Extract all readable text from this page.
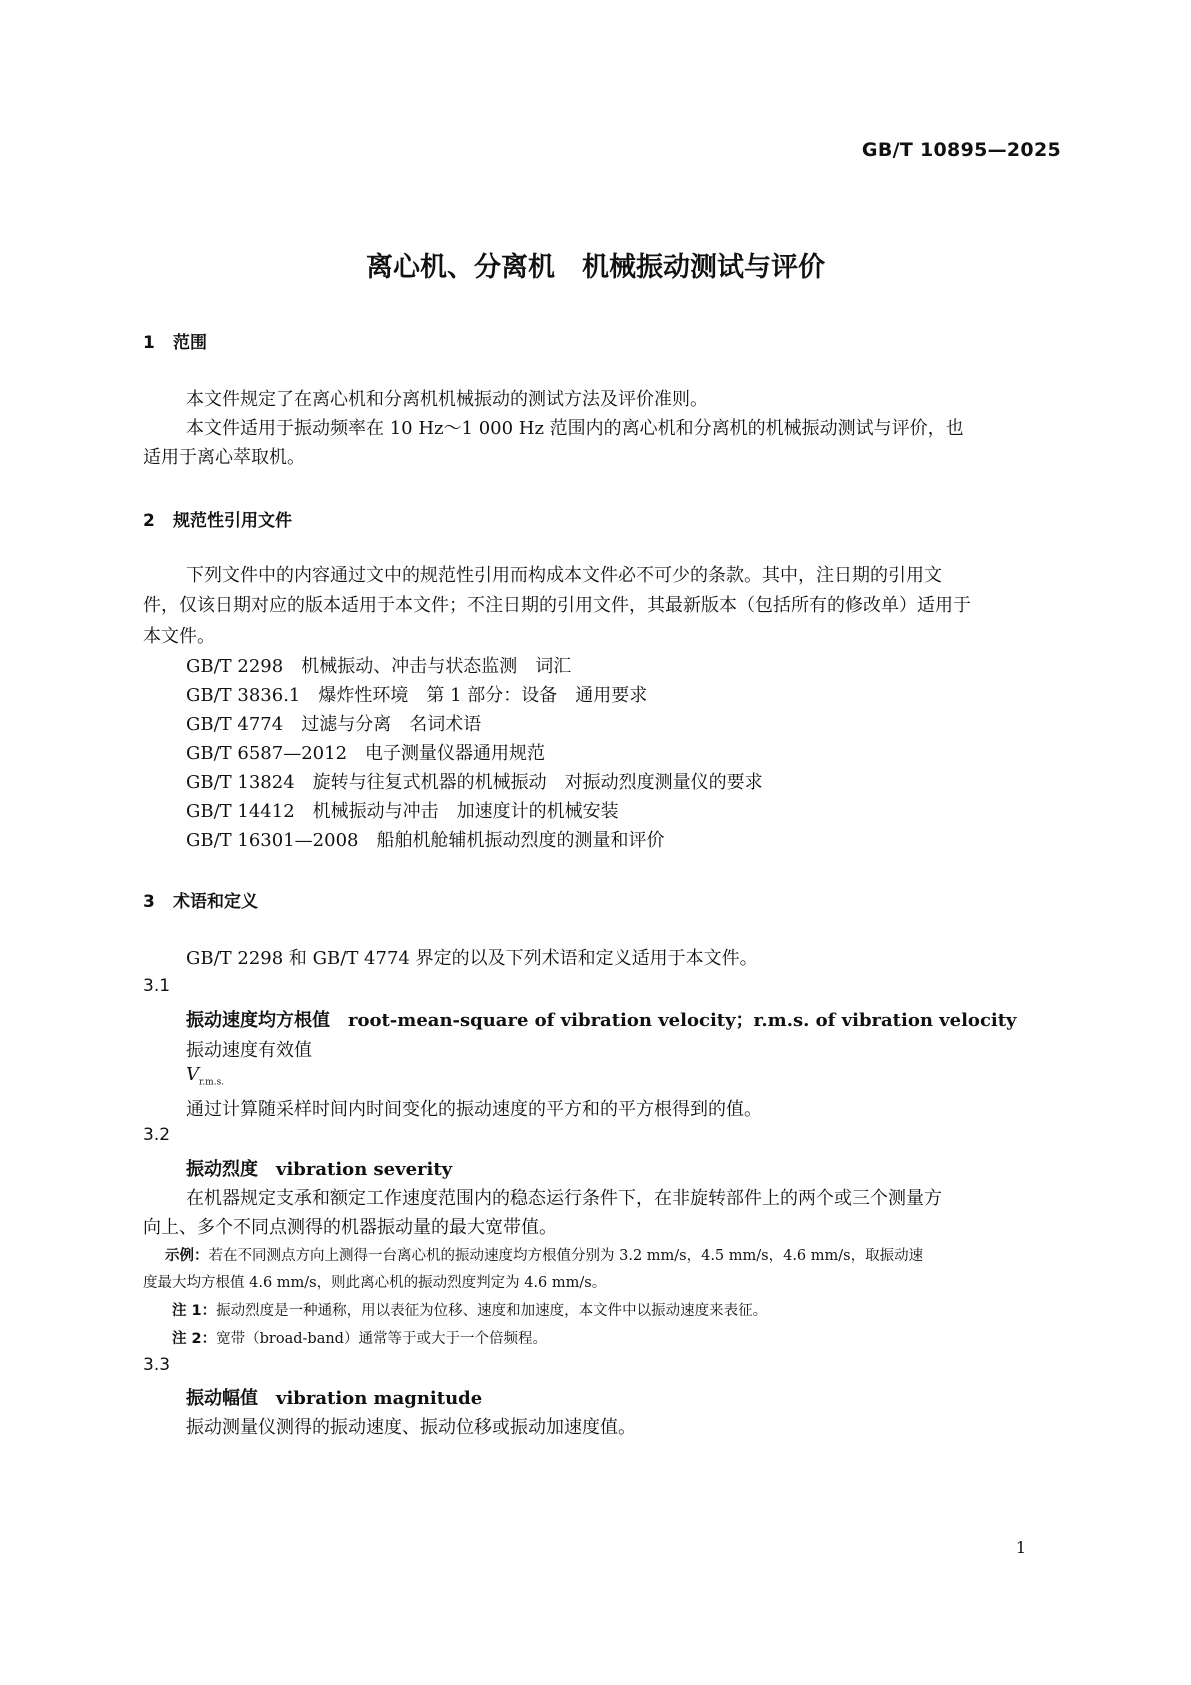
GB/T 10895—2025
离心机、分离机　机械振动测试与评价
1 范围
本文件规定了在离心机和分离机机械振动的测试方法及评价准则。
本文件适用于振动频率在 10 Hz～1 000 Hz 范围内的离心机和分离机的机械振动测试与评价，也
适用于离心萃取机。
2 规范性引用文件
下列文件中的内容通过文中的规范性引用而构成本文件必不可少的条款。其中，注日期的引用文
件，仅该日期对应的版本适用于本文件；不注日期的引用文件，其最新版本（包括所有的修改单）适用于
本文件。
GB/T 2298　机械振动、冲击与状态监测　词汇
GB/T 3836.1　爆炸性环境　第 1 部分：设备　通用要求
GB/T 4774　过滤与分离　名词术语
GB/T 6587—2012　电子测量仪器通用规范
GB/T 13824　旋转与往复式机器的机械振动　对振动烈度测量仪的要求
GB/T 14412　机械振动与冲击　加速度计的机械安装
GB/T 16301—2008　船舶机舱辅机振动烈度的测量和评价
3 术语和定义
GB/T 2298 和 GB/T 4774 界定的以及下列术语和定义适用于本文件。
3.1
振动速度均方根值　 root-mean-square of vibration velocity；r.m.s. of vibration velocity
振动速度有效值
$V_{r.m.s.}$
通过计算随采样时间内时间变化的振动速度的平方和的平方根得到的值。
3.2
振动烈度　 vibration severity
在机器规定支承和额定工作速度范围内的稳态运行条件下，在非旋转部件上的两个或三个测量方
向上、多个不同点测得的机器振动量的最大宽带值。
示例：若在不同测点方向上测得一台离心机的振动速度均方根值分别为 3.2 mm/s，4.5 mm/s，4.6 mm/s，取振动速
度最大均方根值 4.6 mm/s，则此离心机的振动烈度判定为 4.6 mm/s。
注 1：振动烈度是一种通称，用以表征为位移、速度和加速度，本文件中以振动速度来表征。
注 2：宽带（broad-band）通常等于或大于一个倍频程。
3.3
振动幅值　 vibration magnitude
振动测量仪测得的振动速度、振动位移或振动加速度值。
1
